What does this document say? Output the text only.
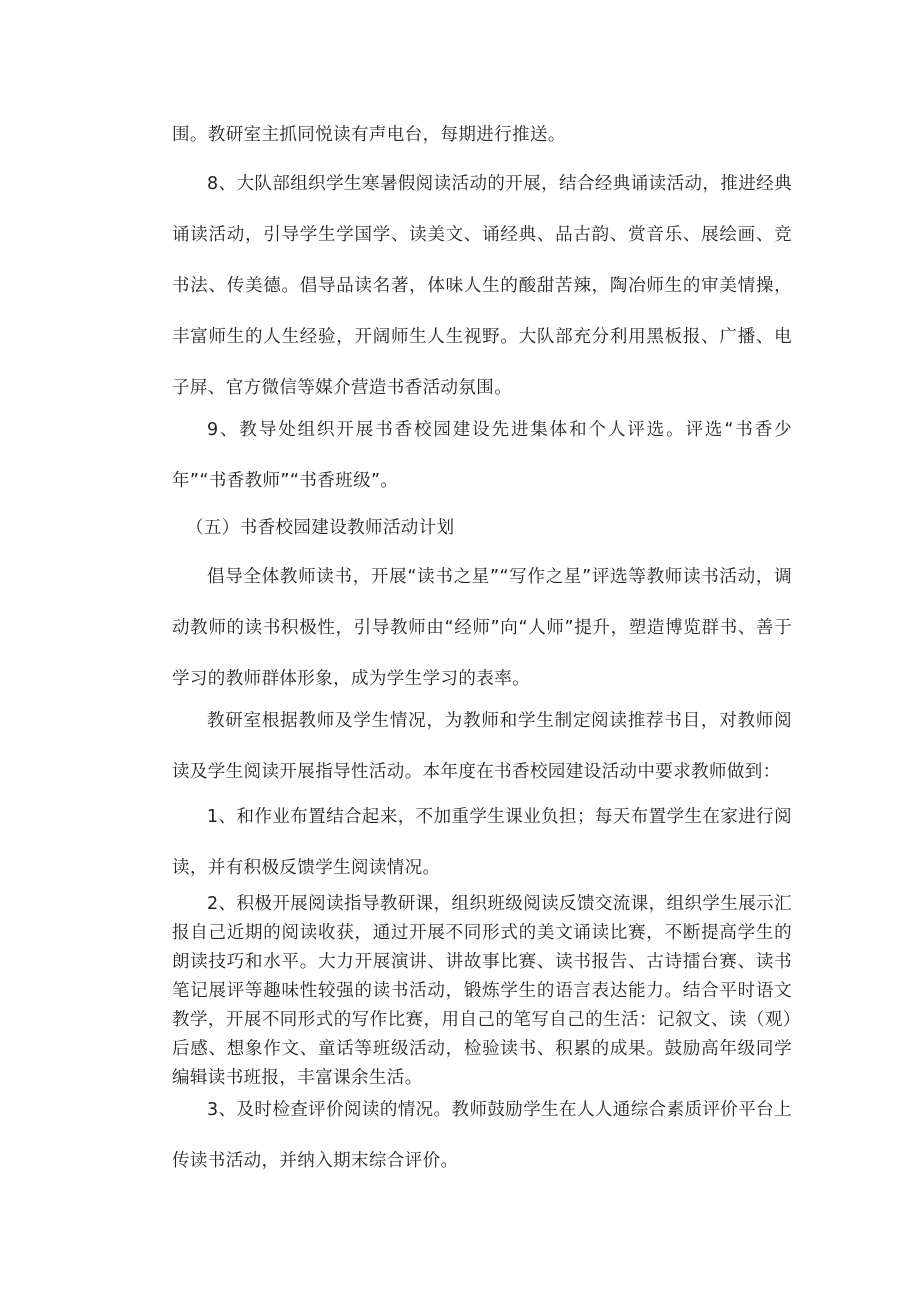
围。教研室主抓同悦读有声电台，每期进行推送。

8、大队部组织学生寒暑假阅读活动的开展，结合经典诵读活动，推进经典诵读活动，引导学生学国学、读美文、诵经典、品古韵、赏音乐、展绘画、竞书法、传美德。倡导品读名著，体味人生的酸甜苦辣，陶冶师生的审美情操，丰富师生的人生经验，开阔师生人生视野。大队部充分利用黑板报、广播、电子屏、官方微信等媒介营造书香活动氛围。

9、教导处组织开展书香校园建设先进集体和个人评选。评选“书香少年”“书香教师”“书香班级”。

（五）书香校园建设教师活动计划

倡导全体教师读书，开展“读书之星”“写作之星”评选等教师读书活动，调动教师的读书积极性，引导教师由“经师”向“人师”提升，塑造博览群书、善于学习的教师群体形象，成为学生学习的表率。

教研室根据教师及学生情况，为教师和学生制定阅读推荐书目，对教师阅读及学生阅读开展指导性活动。本年度在书香校园建设活动中要求教师做到：

1、和作业布置结合起来，不加重学生课业负担；每天布置学生在家进行阅读，并有积极反馈学生阅读情况。

2、积极开展阅读指导教研课，组织班级阅读反馈交流课，组织学生展示汇报自己近期的阅读收获，通过开展不同形式的美文诵读比赛，不断提高学生的朗读技巧和水平。大力开展演讲、讲故事比赛、读书报告、古诗擂台赛、读书笔记展评等趣味性较强的读书活动，锻炼学生的语言表达能力。结合平时语文教学，开展不同形式的写作比赛，用自己的笔写自己的生活：记叙文、读（观）后感、想象作文、童话等班级活动，检验读书、积累的成果。鼓励高年级同学编辑读书班报，丰富课余生活。

3、及时检查评价阅读的情况。教师鼓励学生在人人通综合素质评价平台上传读书活动，并纳入期末综合评价。
